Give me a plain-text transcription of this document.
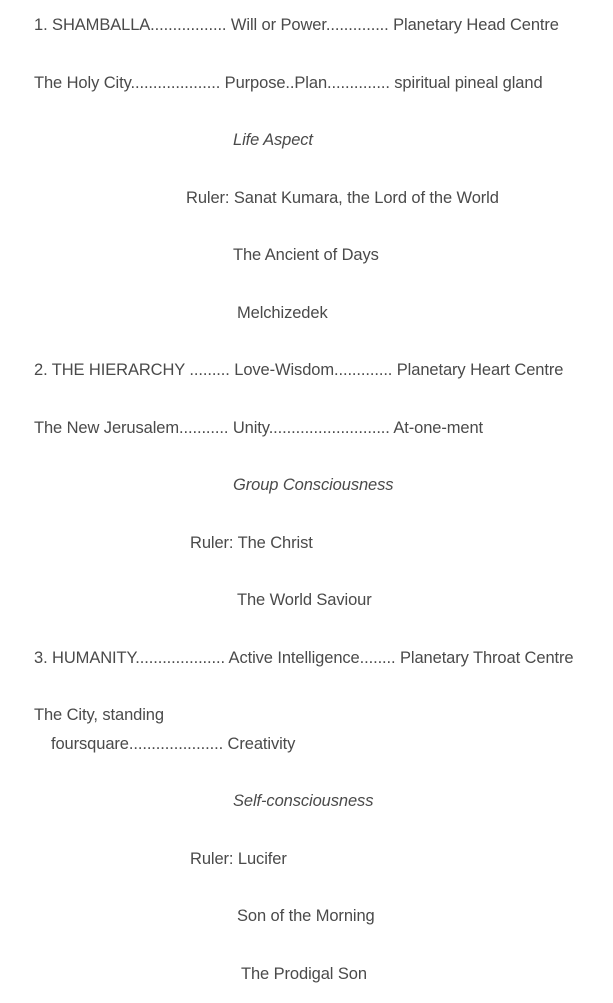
1. SHAMBALLA................. Will or Power.............. Planetary Head Centre
The Holy City.................... Purpose..Plan.............. spiritual pineal gland
Life Aspect
Ruler: Sanat Kumara, the Lord of the World
The Ancient of Days
Melchizedek
2. THE HIERARCHY ......... Love-Wisdom............. Planetary Heart Centre
The New Jerusalem........... Unity........................... At-one-ment
Group Consciousness
Ruler: The Christ
The World Saviour
3. HUMANITY.................... Active Intelligence........ Planetary Throat Centre
The City, standing
foursquare..................... Creativity
Self-consciousness
Ruler: Lucifer
Son of the Morning
The Prodigal Son
